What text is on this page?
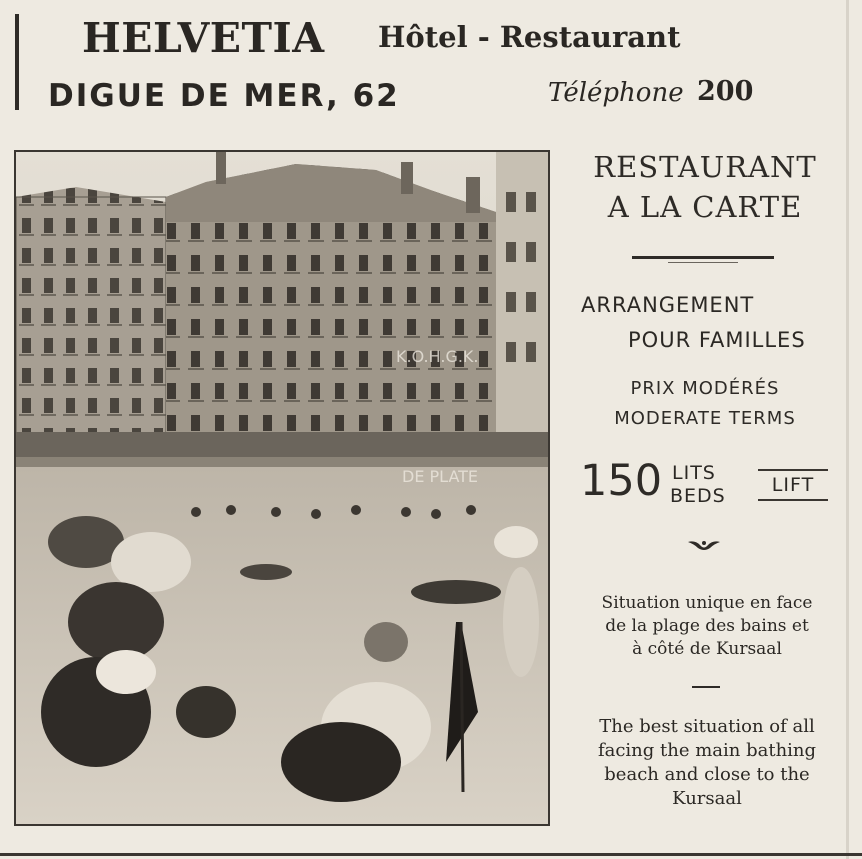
HELVETIA Hôtel - Restaurant
DIGUE DE MER, 62	Téléphone 200
K.O.H.G.K.
DE PLATE
RESTAURANT
A LA CARTE
ARRANGEMENT
POUR FAMILLES
PRIX MODÉRÉS
MODERATE TERMS
150 LITS
BEDS	LIFT
Situation unique en face
de la plage des bains et
à côté de Kursaal
The best situation of all
facing the main bathing
beach and close to the
Kursaal
